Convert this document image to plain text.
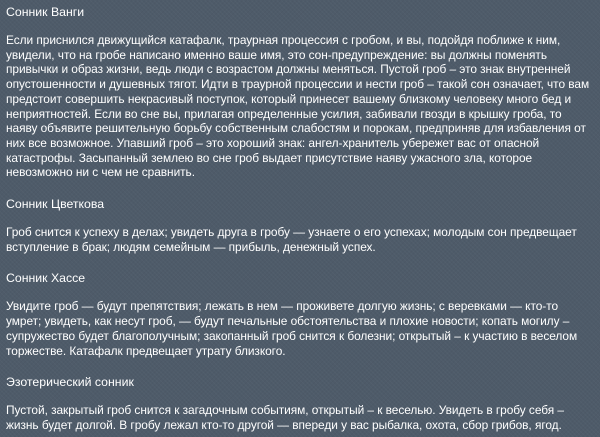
Сонник Ванги
Если приснился движущийся катафалк, траурная процессия с гробом, и вы, подойдя поближе к ним, увидели, что на гробе написано именно ваше имя, это сон-предупреждение: вы должны поменять привычки и образ жизни, ведь люди с возрастом должны меняться. Пустой гроб – это знак внутренней опустошенности и душевных тягот. Идти в траурной процессии и нести гроб – такой сон означает, что вам предстоит совершить некрасивый поступок, который принесет вашему близкому человеку много бед и неприятностей. Если во сне вы, прилагая определенные усилия, забивали гвозди в крышку гроба, то наяву объявите решительную борьбу собственным слабостям и порокам, предприняв для избавления от них все возможное. Упавший гроб – это хороший знак: ангел-хранитель убережет вас от опасной катастрофы. Засыпанный землею во сне гроб выдает присутствие наяву ужасного зла, которое невозможно ни с чем не сравнить.
Сонник Цветкова
Гроб снится к успеху в делах; увидеть друга в гробу — узнаете о его успехах; молодым сон предвещает вступление в брак; людям семейным — прибыль, денежный успех.
Сонник Хассе
Увидите гроб — будут препятствия; лежать в нем — проживете долгую жизнь; с веревками — кто-то умрет; увидеть, как несут гроб, — будут печальные обстоятельства и плохие новости; копать могилу – супружество будет благополучным; закопанный гроб снится к болезни; открытый – к участию в веселом торжестве. Катафалк предвещает утрату близкого.
Эзотерический сонник
Пустой, закрытый гроб снится к загадочным событиям, открытый – к веселью. Увидеть в гробу себя – жизнь будет долгой. В гробу лежал кто-то другой — впереди у вас рыбалка, охота, сбор грибов, ягод.
